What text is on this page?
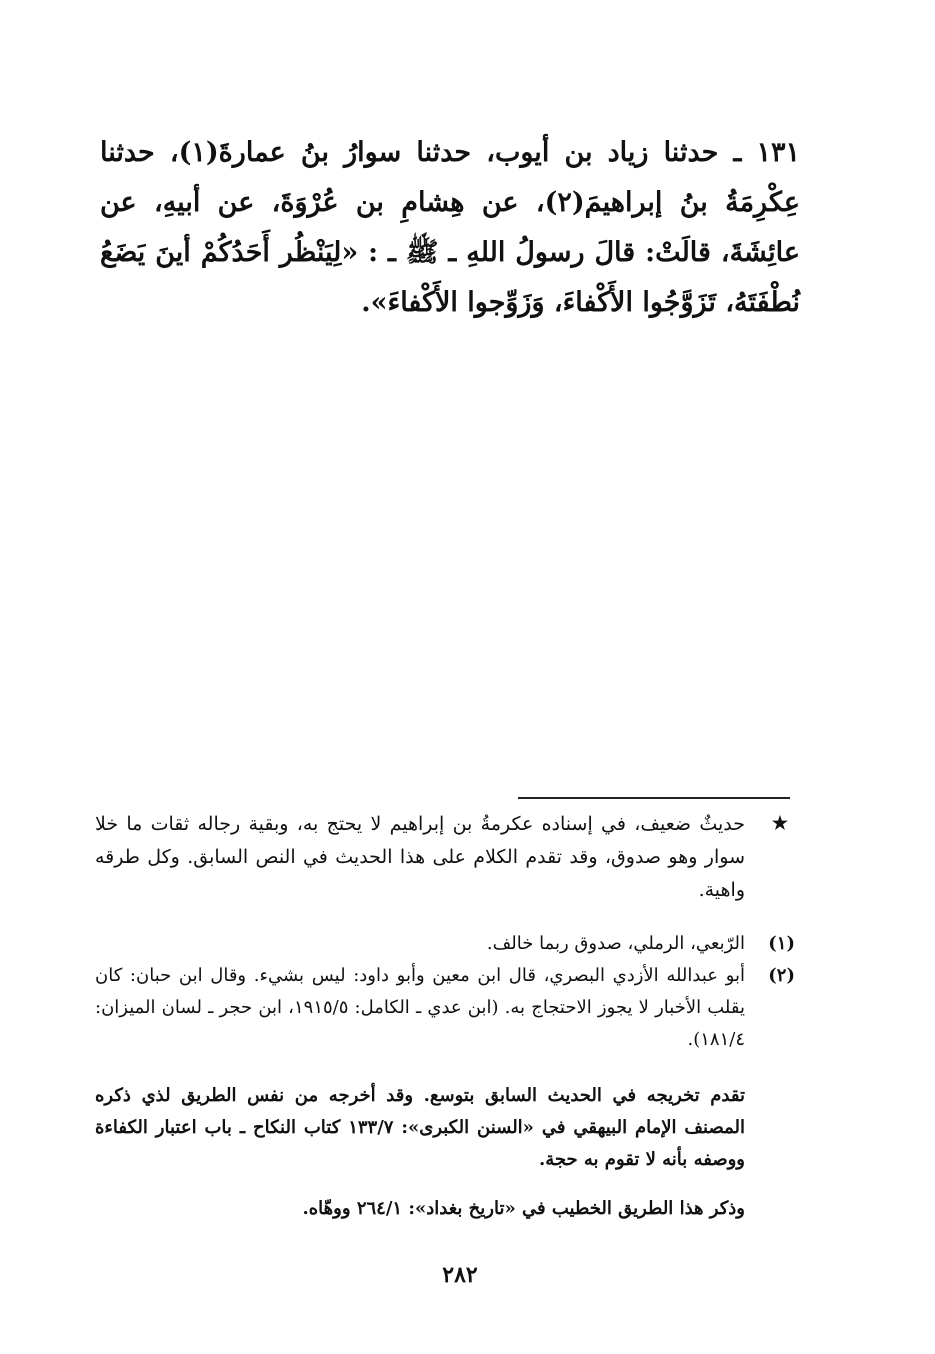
١٣١ ـ حدثنا زياد بن أيوب، حدثنا سوارُ بنُ عمارةَ(١)، حدثنا عِكْرِمَةُ بنُ إبراهيمَ(٢)، عن هِشامِ بن عُرْوَةَ، عن أبيهِ، عن عائِشَةَ، قالَتْ: قالَ رسولُ اللهِ ـ ﷺ ـ : «لِيَنْظُر أَحَدُكُمْ أينَ يَضَعُ نُطْفَتَهُ، تَزَوَّجُوا الأَكْفاءَ، وَزَوِّجوا الأَكْفاءَ».
★
حديثٌ ضعيف، في إسناده عكرمةُ بن إبراهيم لا يحتج به، وبقية رجاله ثقات ما خلا سوار وهو صدوق، وقد تقدم الكلام على هذا الحديث في النص السابق. وكل طرقه واهية.
(١)
الرّبعي، الرملي، صدوق ربما خالف.
(٢)
أبو عبدالله الأزدي البصري، قال ابن معين وأبو داود: ليس بشيء. وقال ابن حبان: كان يقلب الأخبار لا يجوز الاحتجاج به. (ابن عدي ـ الكامل: ١٩١٥/٥، ابن حجر ـ لسان الميزان: ١٨١/٤).
تقدم تخريجه في الحديث السابق بتوسع. وقد أخرجه من نفس الطريق لذي ذكره المصنف الإمام البيهقي في «السنن الكبرى»: ١٣٣/٧ كتاب النكاح ـ باب اعتبار الكفاءة ووصفه بأنه لا تقوم به حجة.
وذكر هذا الطريق الخطيب في «تاريخ بغداد»: ٢٦٤/١ ووهّاه.
٢٨٢
